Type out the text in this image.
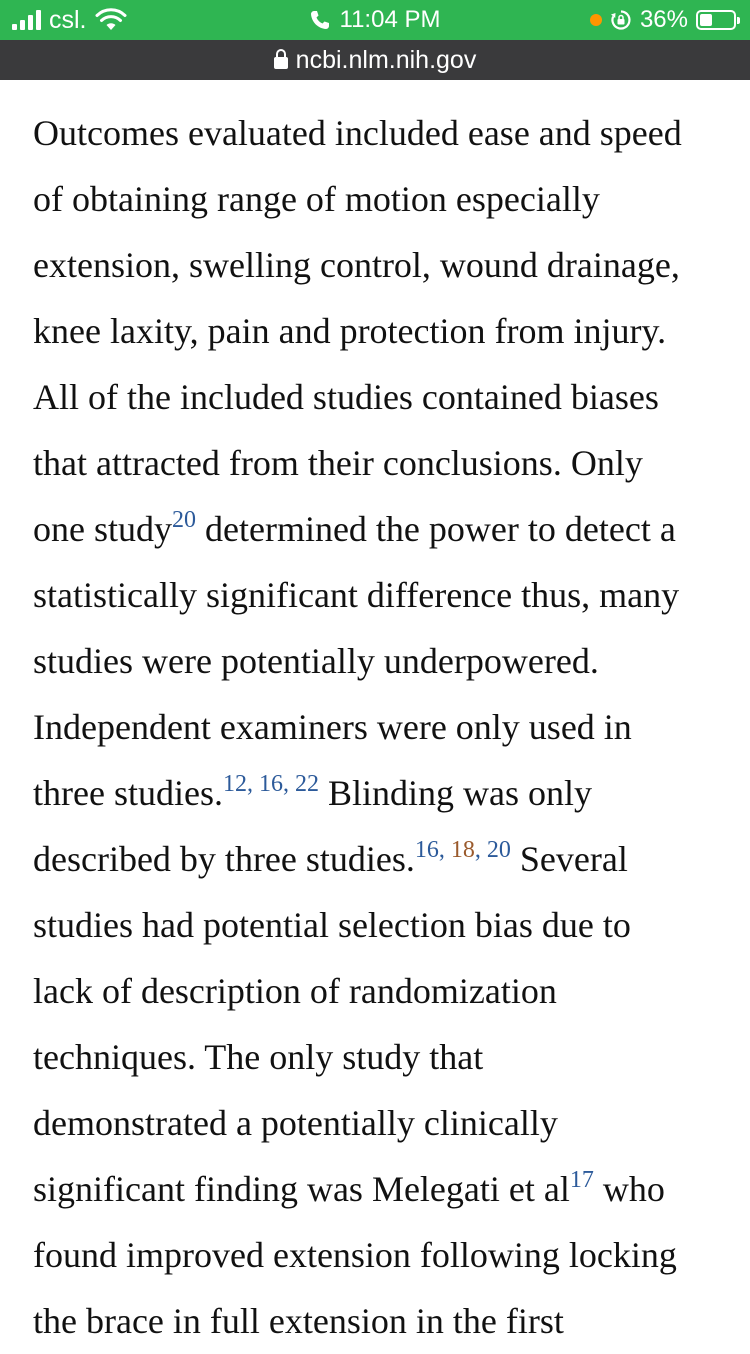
csl.	11:04 PM	36%
ncbi.nlm.nih.gov
Outcomes evaluated included ease and speed
of obtaining range of motion especially
extension, swelling control, wound drainage,
knee laxity, pain and protection from injury.
All of the included studies contained biases
that attracted from their conclusions. Only
one study$^{20}$ determined the power to detect a
statistically significant difference thus, many
studies were potentially underpowered.
Independent examiners were only used in
three studies.$^{12, 16, 22}$ Blinding was only
described by three studies.$^{16, 18, 20}$ Several
studies had potential selection bias due to
lack of description of randomization
techniques. The only study that
demonstrated a potentially clinically
significant finding was Melegati et al$^{17}$ who
found improved extension following locking
the brace in full extension in the first
